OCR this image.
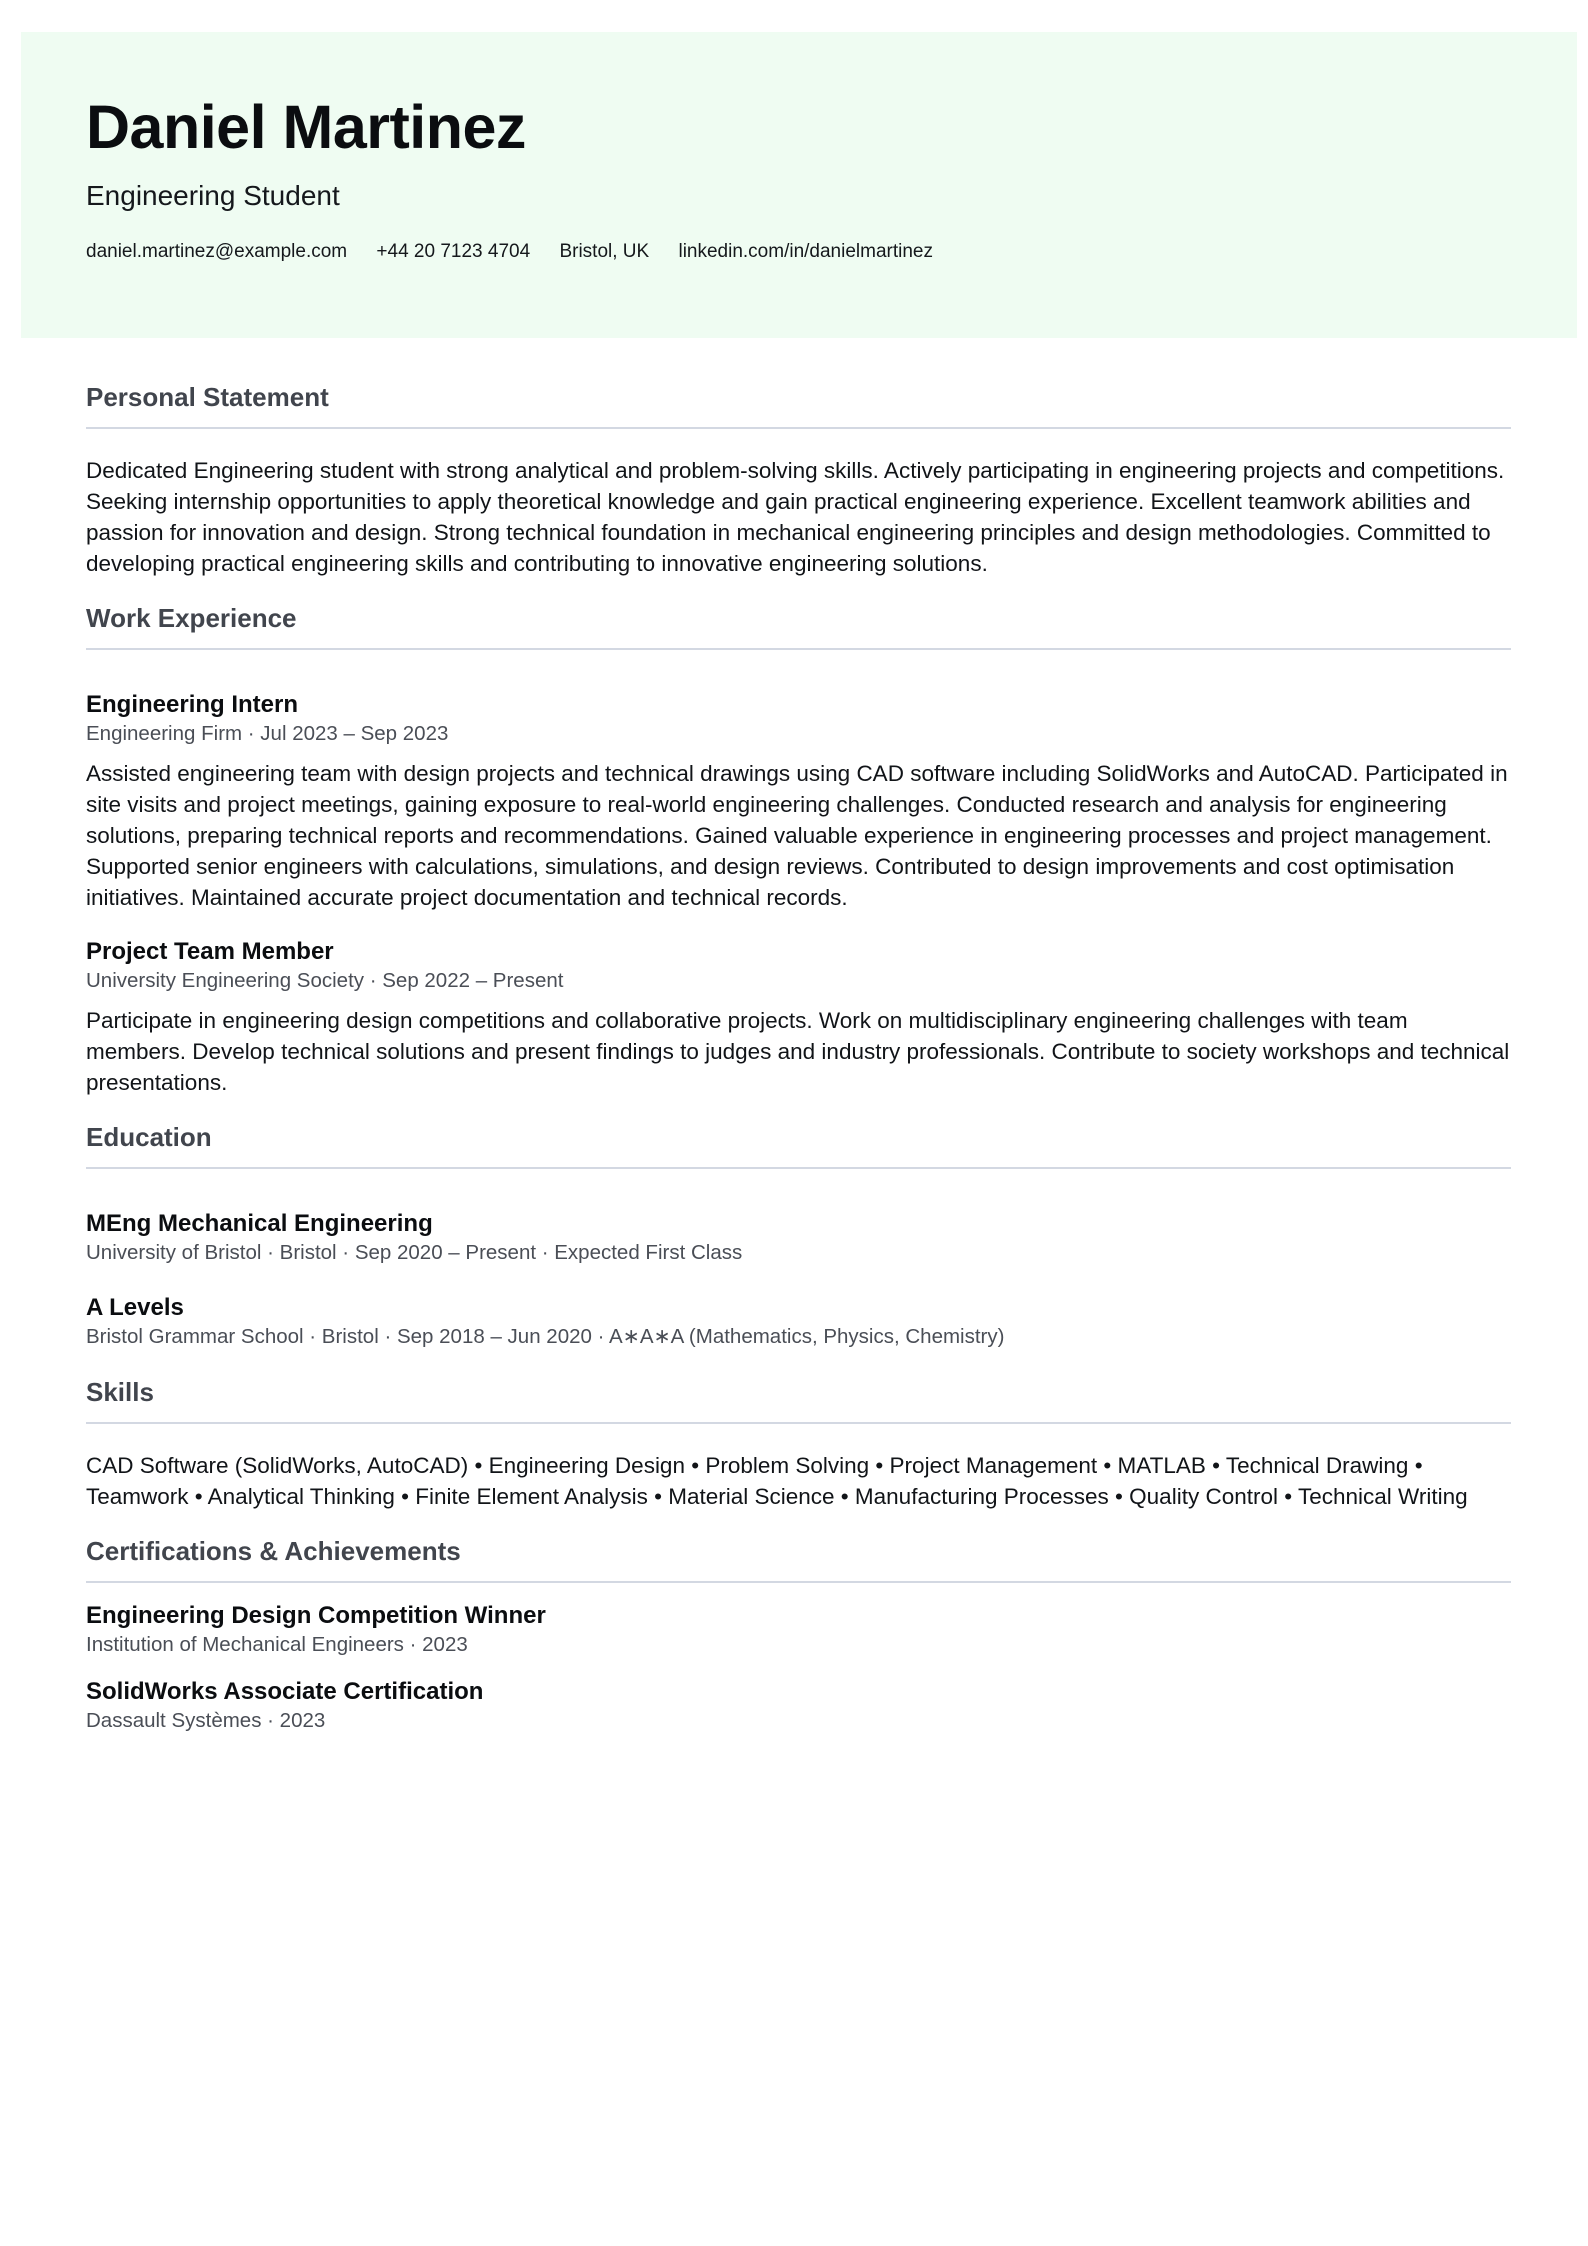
Daniel Martinez
Engineering Student
daniel.martinez@example.com +44 20 7123 4704 Bristol, UK linkedin.com/in/danielmartinez
Personal Statement
Dedicated Engineering student with strong analytical and problem-solving skills. Actively participating in engineering projects and competitions. Seeking internship opportunities to apply theoretical knowledge and gain practical engineering experience. Excellent teamwork abilities and passion for innovation and design. Strong technical foundation in mechanical engineering principles and design methodologies. Committed to developing practical engineering skills and contributing to innovative engineering solutions.
Work Experience
Engineering Intern
Engineering Firm · Jul 2023 – Sep 2023
Assisted engineering team with design projects and technical drawings using CAD software including SolidWorks and AutoCAD. Participated in site visits and project meetings, gaining exposure to real-world engineering challenges. Conducted research and analysis for engineering solutions, preparing technical reports and recommendations. Gained valuable experience in engineering processes and project management. Supported senior engineers with calculations, simulations, and design reviews. Contributed to design improvements and cost optimisation initiatives. Maintained accurate project documentation and technical records.
Project Team Member
University Engineering Society · Sep 2022 – Present
Participate in engineering design competitions and collaborative projects. Work on multidisciplinary engineering challenges with team members. Develop technical solutions and present findings to judges and industry professionals. Contribute to society workshops and technical presentations.
Education
MEng Mechanical Engineering
University of Bristol · Bristol · Sep 2020 – Present · Expected First Class
A Levels
Bristol Grammar School · Bristol · Sep 2018 – Jun 2020 · A∗A∗A (Mathematics, Physics, Chemistry)
Skills
CAD Software (SolidWorks, AutoCAD) • Engineering Design • Problem Solving • Project Management • MATLAB • Technical Drawing • Teamwork • Analytical Thinking • Finite Element Analysis • Material Science • Manufacturing Processes • Quality Control • Technical Writing
Certifications & Achievements
Engineering Design Competition Winner
Institution of Mechanical Engineers · 2023
SolidWorks Associate Certification
Dassault Systèmes · 2023
